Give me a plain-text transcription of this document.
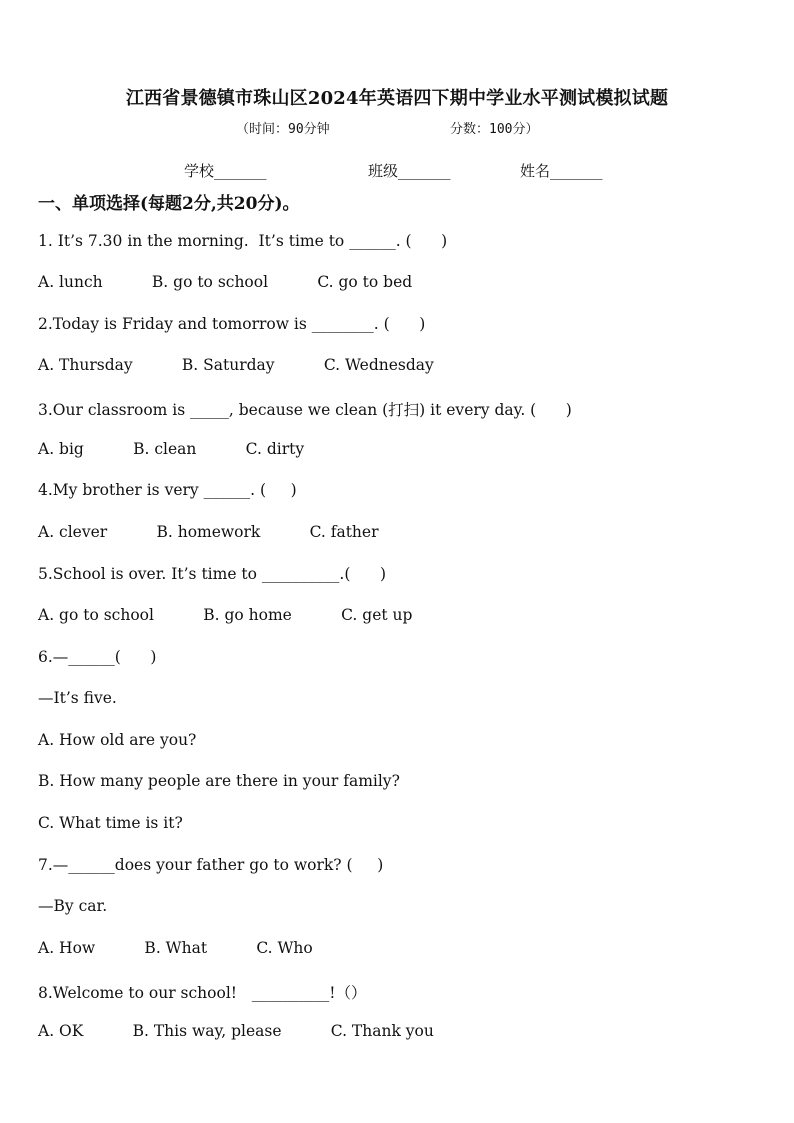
江西省景德镇市珠山区2024年英语四下期中学业水平测试模拟试题
（时间：90分钟	分数：100分）
学校_______	班级_______	姓名_______
一、单项选择(每题2分,共20分)。
1. It’s 7.30 in the morning.  It’s time to ______. (      )
A. lunch          B. go to school          C. go to bed
2.Today is Friday and tomorrow is ________. (      )
A. Thursday          B. Saturday          C. Wednesday
3.Our classroom is _____, because we clean (打扫) it every day. (      )
A. big          B. clean          C. dirty
4.My brother is very ______. (     )
A. clever          B. homework          C. father
5.School is over. It’s time to __________.(      )
A. go to school          B. go home          C. get up
6.—______(      )
—It’s five.
A. How old are you?
B. How many people are there in your family?
C. What time is it?
7.—______does your father go to work? (     )
—By car.
A. How          B. What          C. Who
8.Welcome to our school!   __________!（）
A. OK          B. This way, please          C. Thank you
